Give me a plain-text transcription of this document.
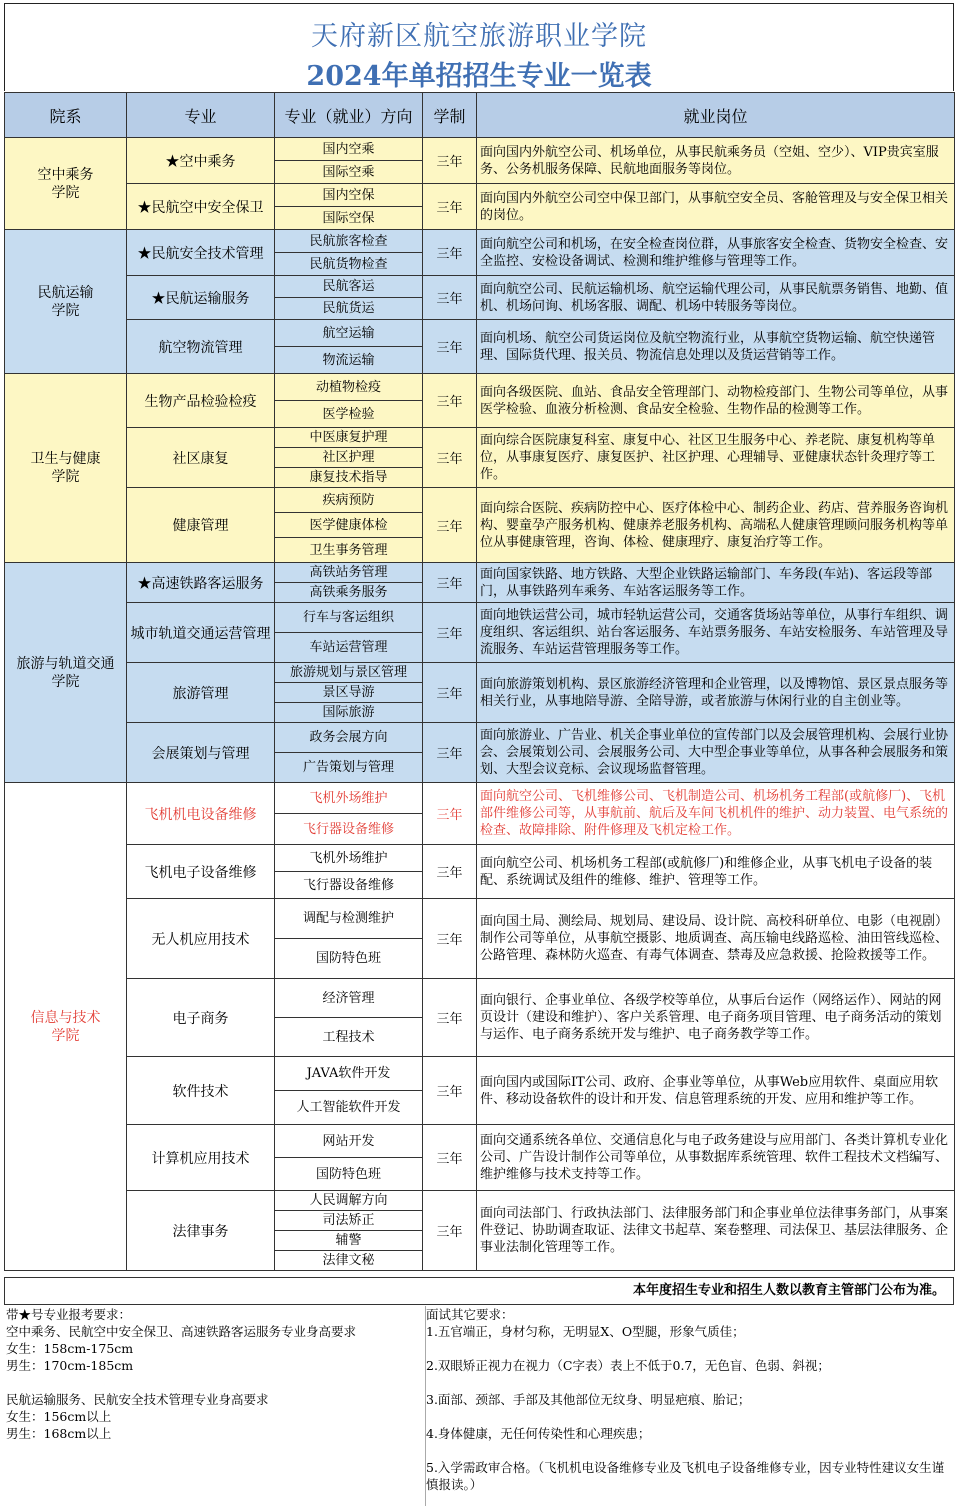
天府新区航空旅游职业学院
2024年单招招生专业一览表
院系	专业	专业（就业）方向	学制	就业岗位
空中乘务
学院	★空中乘务	国内空乘	三年	面向国内外航空公司、机场单位，从事民航乘务员（空姐、空少）、VIP贵宾室服务、公务机服务保障、民航地面服务等岗位。
		国际空乘		
	★民航空中安全保卫	国内空保	三年	面向国内外航空公司空中保卫部门，从事航空安全员、客舱管理及与安全保卫相关的岗位。
		国际空保		
民航运输
学院	★民航安全技术管理	民航旅客检查	三年	面向航空公司和机场，在安全检查岗位群，从事旅客安全检查、货物安全检查、安全监控、安检设备调试、检测和维护维修与管理等工作。
		民航货物检查		
	★民航运输服务	民航客运	三年	面向航空公司、民航运输机场、航空运输代理公司，从事民航票务销售、地勤、值机、机场问询、机场客服、调配、机场中转服务等岗位。
		民航货运		
	航空物流管理	航空运输	三年	面向机场、航空公司货运岗位及航空物流行业，从事航空货物运输、航空快递管理、国际货代理、报关员、物流信息处理以及货运营销等工作。
		物流运输		
卫生与健康
学院	生物产品检验检疫	动植物检疫	三年	面向各级医院、血站、食品安全管理部门、动物检疫部门、生物公司等单位，从事医学检验、血液分析检测、食品安全检验、生物作品的检测等工作。
		医学检验		
	社区康复	中医康复护理	三年	面向综合医院康复科室、康复中心、社区卫生服务中心、养老院、康复机构等单位，从事康复医疗、康复医护、社区护理、心理辅导、亚健康状态针灸理疗等工作。
		社区护理		
		康复技术指导		
	健康管理	疾病预防	三年	面向综合医院、疾病防控中心、医疗体检中心、制药企业、药店、营养服务咨询机构、婴童孕产服务机构、健康养老服务机构、高端私人健康管理顾问服务机构等单位从事健康管理，咨询、体检、健康理疗、康复治疗等工作。
		医学健康体检		
		卫生事务管理		
旅游与轨道交通
学院	★高速铁路客运服务	高铁站务管理	三年	面向国家铁路、地方铁路、大型企业铁路运输部门、车务段(车站)、客运段等部门，从事铁路列车乘务、车站客运服务等工作。
		高铁乘务服务		
	城市轨道交通运营管理	行车与客运组织	三年	面向地铁运营公司，城市轻轨运营公司，交通客货场站等单位，从事行车组织、调度组织、客运组织、站台客运服务、车站票务服务、车站安检服务、车站管理及导流服务、车站运营管理服务等工作。
		车站运营管理		
	旅游管理	旅游规划与景区管理	三年	面向旅游策划机构、景区旅游经济管理和企业管理，以及博物馆、景区景点服务等相关行业，从事地陪导游、全陪导游，或者旅游与休闲行业的自主创业等。
		景区导游		
		国际旅游		
	会展策划与管理	政务会展方向	三年	面向旅游业、广告业、机关企事业单位的宣传部门以及会展管理机构、会展行业协会、会展策划公司、会展服务公司、大中型企事业等单位，从事各种会展服务和策划、大型会议竞标、会议现场监督管理。
		广告策划与管理		
信息与技术
学院	飞机机电设备维修	飞机外场维护	三年	面向航空公司、飞机维修公司、飞机制造公司、机场机务工程部(或航修厂)、飞机部件维修公司等，从事航前、航后及车间飞机机件的维护、动力装置、电气系统的检查、故障排除、附件修理及飞机定检工作。
		飞行器设备维修		
	飞机电子设备维修	飞机外场维护	三年	面向航空公司、机场机务工程部(或航修厂)和维修企业，从事飞机电子设备的装配、系统调试及组件的维修、维护、管理等工作。
		飞行器设备维修		
	无人机应用技术	调配与检测维护	三年	面向国土局、测绘局、规划局、建设局、设计院、高校科研单位、电影（电视剧）制作公司等单位，从事航空摄影、地质调查、高压输电线路巡检、油田管线巡检、公路管理、森林防火巡查、有毒气体调查、禁毒及应急救援、抢险救援等工作。
		国防特色班		
	电子商务	经济管理	三年	面向银行、企事业单位、各级学校等单位，从事后台运作（网络运作）、网站的网页设计（建设和维护）、客户关系管理、电子商务项目管理、电子商务活动的策划与运作、电子商务系统开发与维护、电子商务教学等工作。
		工程技术		
	软件技术	JAVA软件开发	三年	面向国内或国际IT公司、政府、企事业等单位，从事Web应用软件、桌面应用软件、移动设备软件的设计和开发、信息管理系统的开发、应用和维护等工作。
		人工智能软件开发		
	计算机应用技术	网站开发	三年	面向交通系统各单位、交通信息化与电子政务建设与应用部门、各类计算机专业化公司、广告设计制作公司等单位，从事数据库系统管理、软件工程技术文档编写、维护维修与技术支持等工作。
		国防特色班		
	法律事务	人民调解方向	三年	面向司法部门、行政执法部门、法律服务部门和企事业单位法律事务部门，从事案件登记、协助调查取证、法律文书起草、案卷整理、司法保卫、基层法律服务、企事业法制化管理等工作。
		司法矫正		
		辅警		
		法律文秘		
本年度招生专业和招生人数以教育主管部门公布为准。
带★号专业报考要求：
空中乘务、民航空中安全保卫、高速铁路客运服务专业身高要求
女生：158cm-175cm
男生：170cm-185cm
民航运输服务、民航安全技术管理专业身高要求
女生：156cm以上
男生：168cm以上
面试其它要求：
1.五官端正，身材匀称，无明显X、O型腿，形象气质佳；
2.双眼矫正视力在视力（C字表）表上不低于0.7，无色盲、色弱、斜视；
3.面部、颈部、手部及其他部位无纹身、明显疤痕、胎记；
4.身体健康，无任何传染性和心理疾患；
5.入学需政审合格。（飞机机电设备维修专业及飞机电子设备维修专业，因专业特性建议女生谨慎报读。）
